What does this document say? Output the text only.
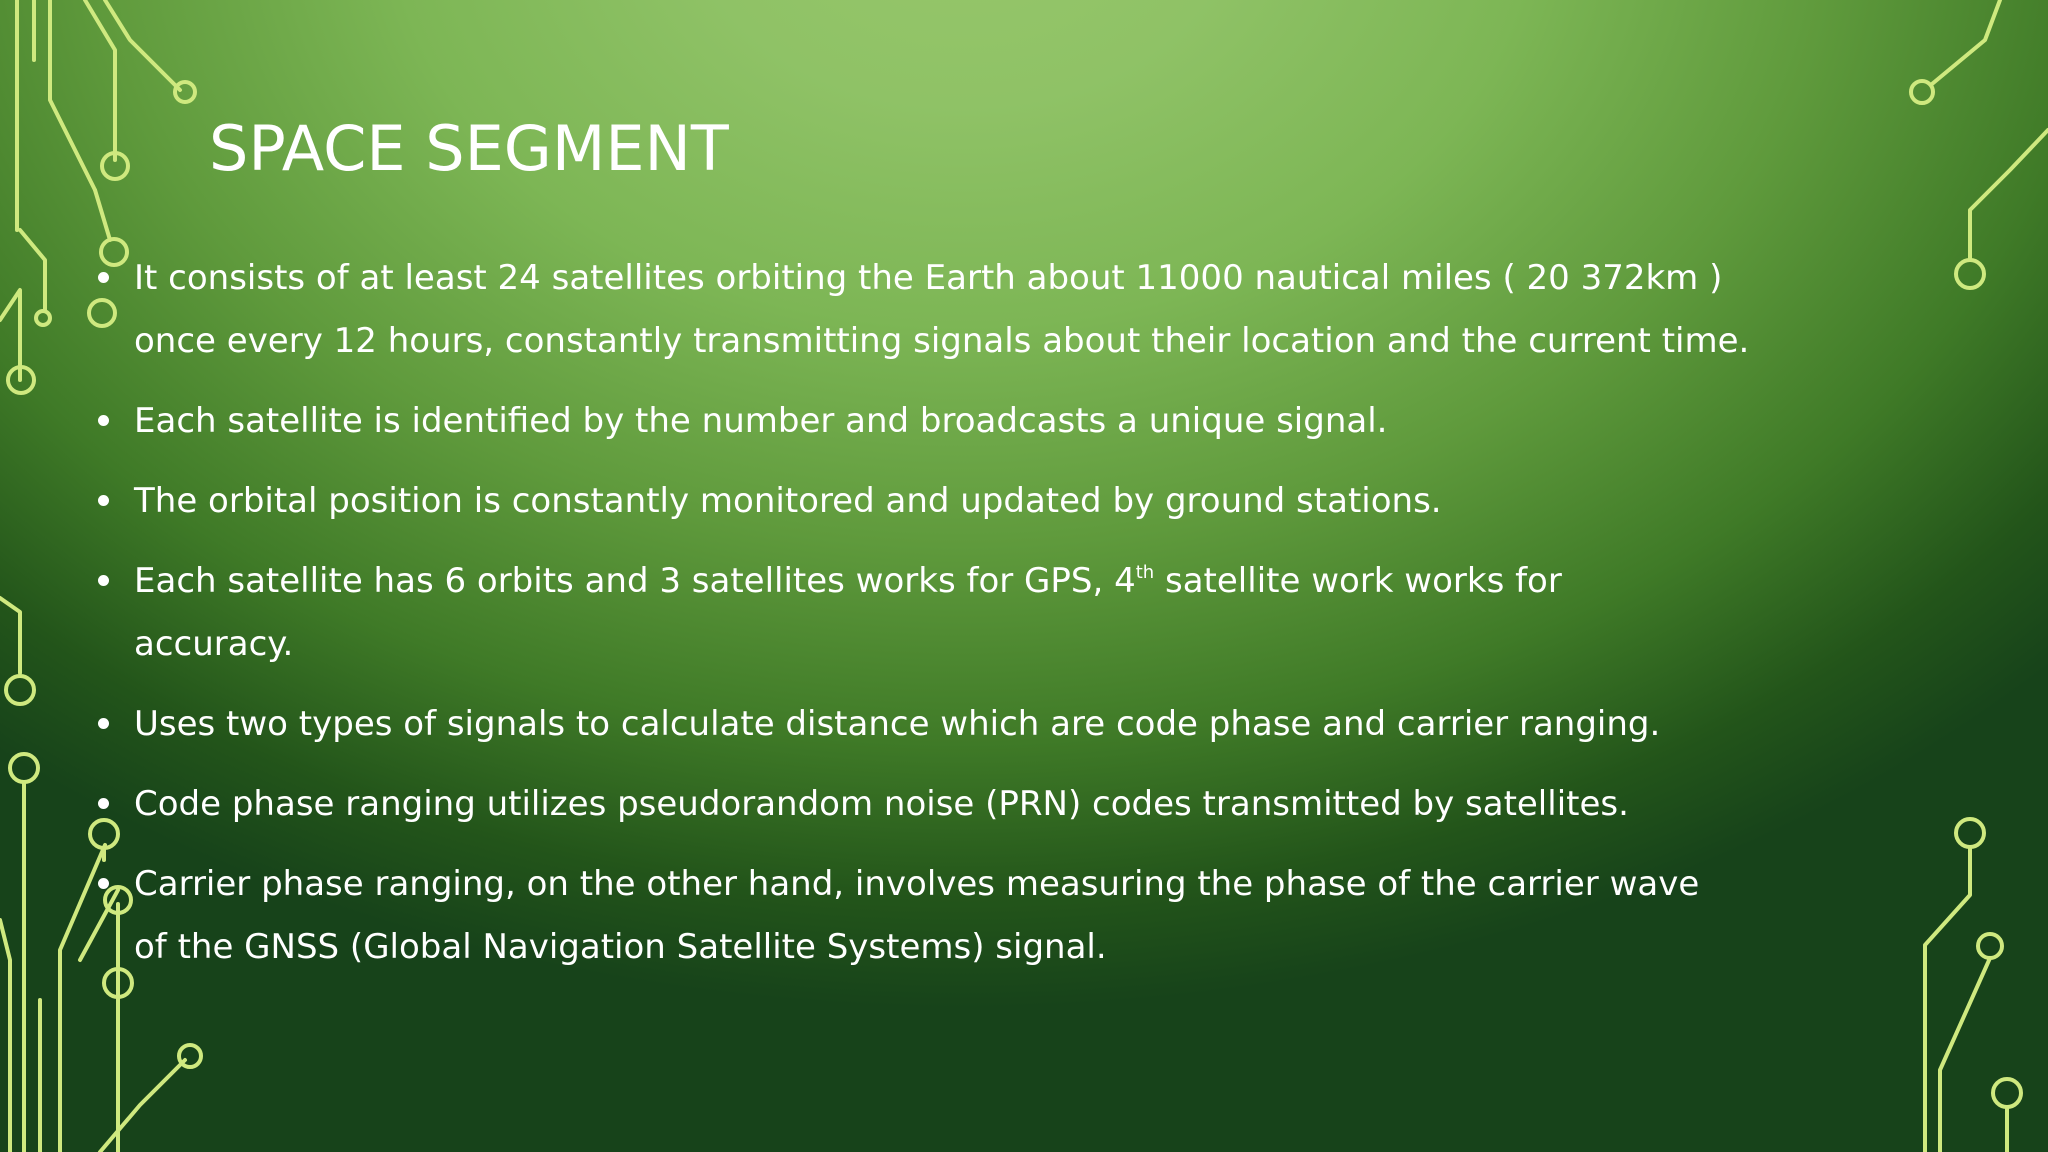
SPACE SEGMENT
It consists of at least 24 satellites orbiting the Earth about 11000 nautical miles ( 20 372km )
once every 12 hours, constantly transmitting signals about their location and the current time.
Each satellite is identified by the number and broadcasts a unique signal.
The orbital position is constantly monitored and updated by ground stations.
Each satellite has 6 orbits and 3 satellites works for GPS, 4th satellite work works for
accuracy.
Uses two types of signals to calculate distance which are code phase and carrier ranging.
Code phase ranging utilizes pseudorandom noise (PRN) codes transmitted by satellites.
Carrier phase ranging, on the other hand, involves measuring the phase of the carrier wave
of the GNSS (Global Navigation Satellite Systems) signal.
